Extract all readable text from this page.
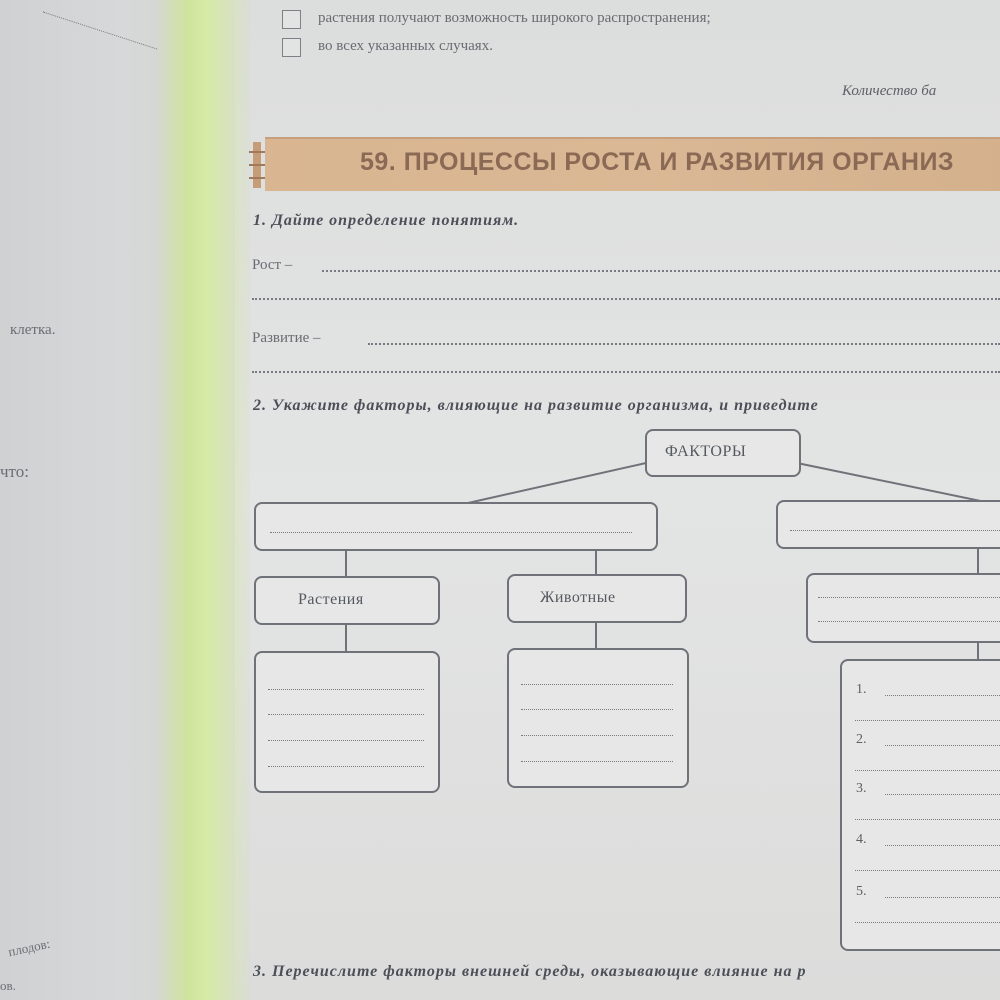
клетка.
что:
плодов:
ов.
растения получают возможность широкого распространения;
во всех указанных случаях.
Количество ба
59. ПРОЦЕССЫ РОСТА И РАЗВИТИЯ ОРГАНИЗ
1. Дайте определение понятиям.
Рост –
Развитие –
2. Укажите факторы, влияющие на развитие организма, и приведите
ФАКТОРЫ
Растения	Животные
1.
2.
3.
4.
5.
3. Перечислите факторы внешней среды, оказывающие влияние на р
